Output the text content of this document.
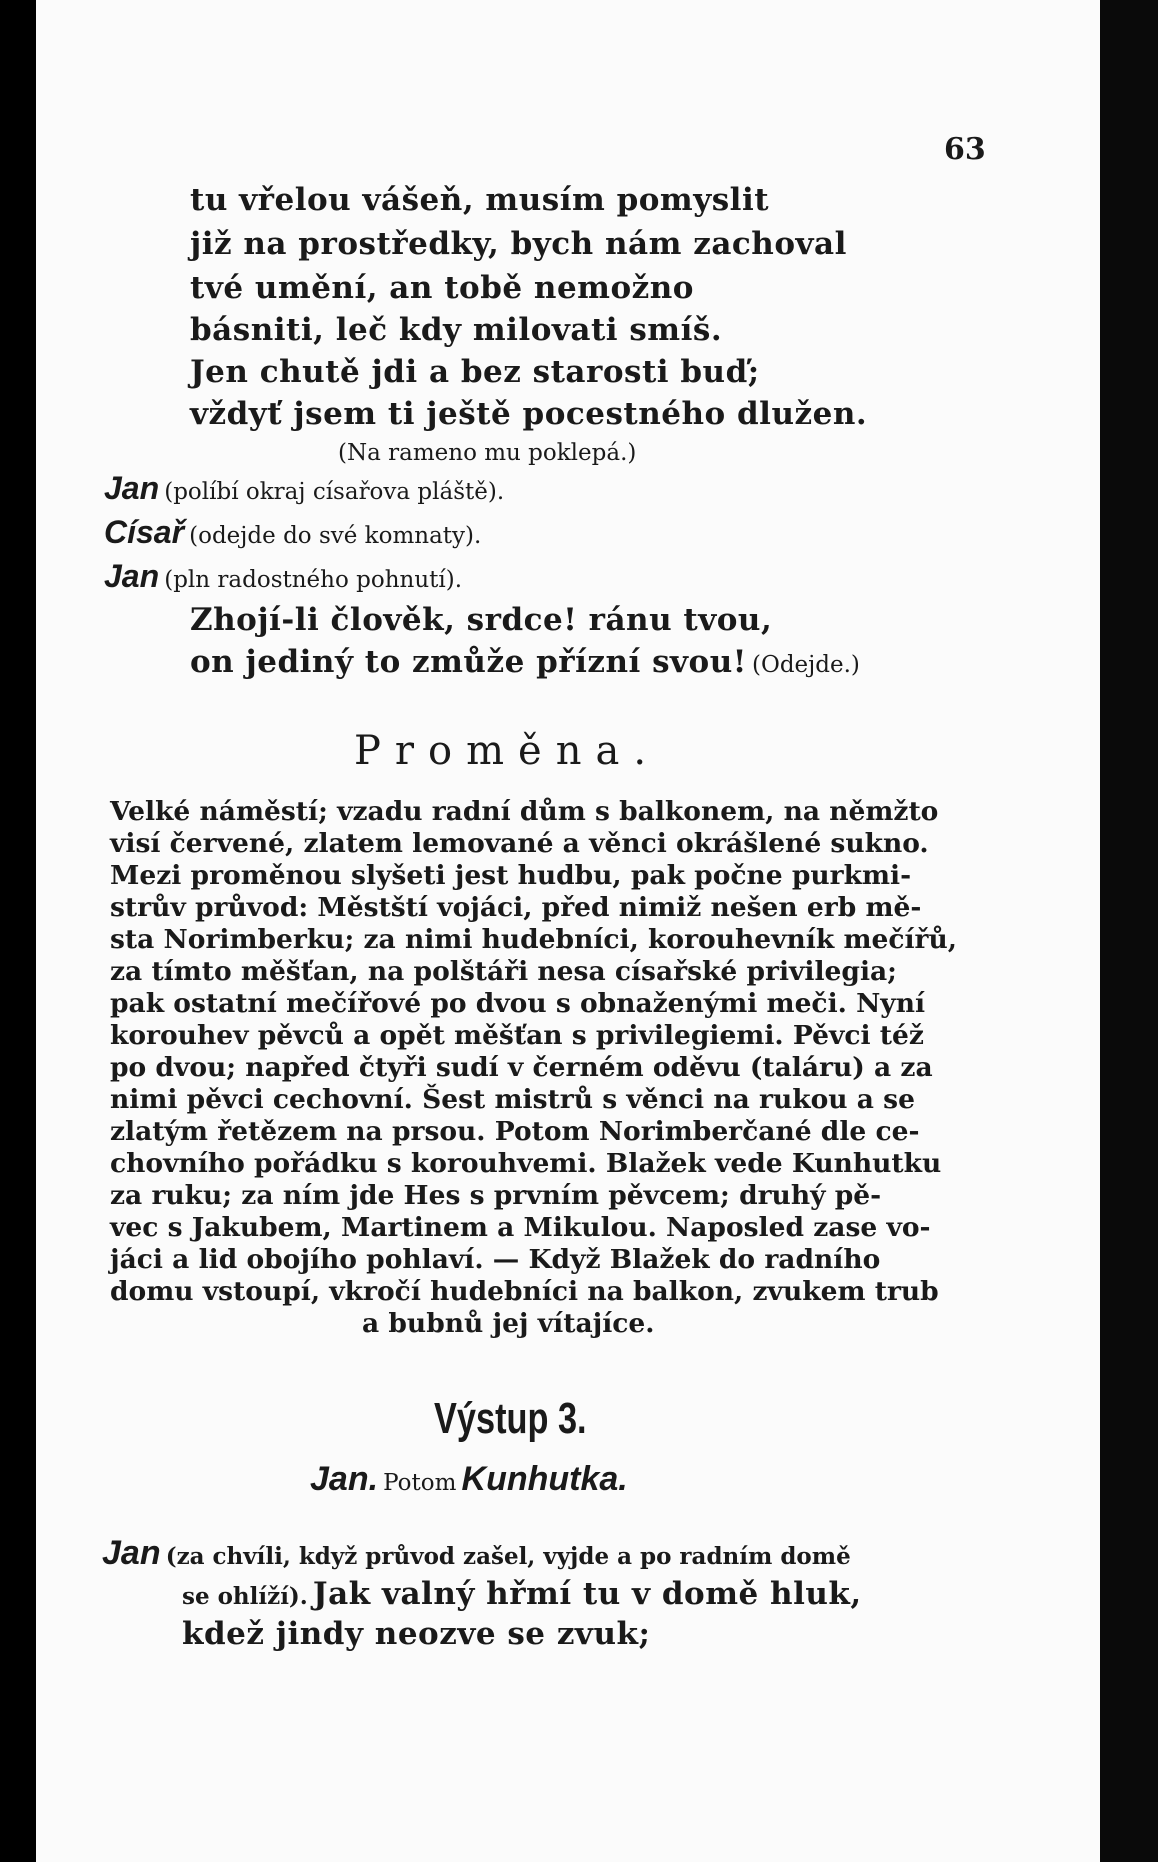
63
tu vřelou vášeň, musím pomyslit
již na prostředky, bych nám zachoval
tvé umění, an tobě nemožno
básniti, leč kdy milovati smíš.
Jen chutě jdi a bez starosti buď;
vždyť jsem ti ještě pocestného dlužen.
(Na rameno mu poklepá.)
Jan (políbí okraj císařova pláště).
Císař (odejde do své komnaty).
Jan (pln radostného pohnutí).
Zhojí-li člověk, srdce! ránu tvou,
on jediný to zmůže přízní svou! (Odejde.)
Proměna.
Velké náměstí; vzadu radní dům s balkonem, na němžto
visí červené, zlatem lemované a věnci okrášlené sukno.
Mezi proměnou slyšeti jest hudbu, pak počne purkmi-
strův průvod: Městští vojáci, před nimiž nešen erb mě-
sta Norimberku; za nimi hudebníci, korouhevník mečířů,
za tímto měšťan, na polštáři nesa císařské privilegia;
pak ostatní mečířové po dvou s obnaženými meči. Nyní
korouhev pěvců a opět měšťan s privilegiemi. Pěvci též
po dvou; napřed čtyři sudí v černém oděvu (taláru) a za
nimi pěvci cechovní. Šest mistrů s věnci na rukou a se
zlatým řetězem na prsou. Potom Norimberčané dle ce-
chovního pořádku s korouhvemi. Blažek vede Kunhutku
za ruku; za ním jde Hes s prvním pěvcem; druhý pě-
vec s Jakubem, Martinem a Mikulou. Naposled zase vo-
jáci a lid obojího pohlaví. — Když Blažek do radního
domu vstoupí, vkročí hudebníci na balkon, zvukem trub
a bubnů jej vítajíce.
Výstup 3.
Jan. Potom Kunhutka.
Jan (za chvíli, když průvod zašel, vyjde a po radním domě
se ohlíží). Jak valný hřmí tu v domě hluk,
kdež jindy neozve se zvuk;
